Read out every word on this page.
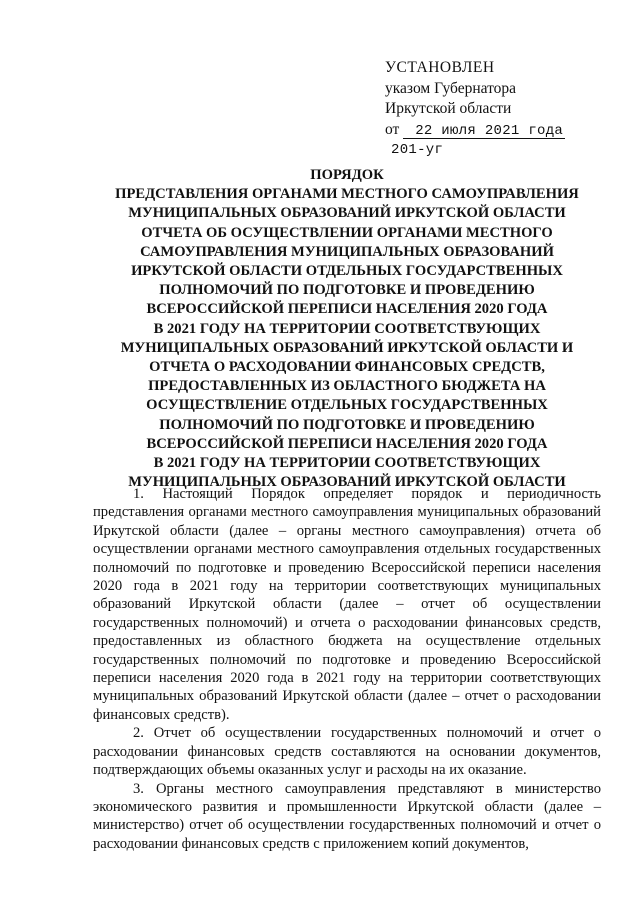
УСТАНОВЛЕН
указом Губернатора
Иркутской области
от 22 июля 2021 года
201-уг
ПОРЯДОК
ПРЕДСТАВЛЕНИЯ ОРГАНАМИ МЕСТНОГО САМОУПРАВЛЕНИЯ
МУНИЦИПАЛЬНЫХ ОБРАЗОВАНИЙ ИРКУТСКОЙ ОБЛАСТИ
ОТЧЕТА ОБ ОСУЩЕСТВЛЕНИИ ОРГАНАМИ МЕСТНОГО
САМОУПРАВЛЕНИЯ МУНИЦИПАЛЬНЫХ ОБРАЗОВАНИЙ
ИРКУТСКОЙ ОБЛАСТИ ОТДЕЛЬНЫХ ГОСУДАРСТВЕННЫХ
ПОЛНОМОЧИЙ ПО ПОДГОТОВКЕ И ПРОВЕДЕНИЮ
ВСЕРОССИЙСКОЙ ПЕРЕПИСИ НАСЕЛЕНИЯ 2020 ГОДА
В 2021 ГОДУ НА ТЕРРИТОРИИ СООТВЕТСТВУЮЩИХ
МУНИЦИПАЛЬНЫХ ОБРАЗОВАНИЙ ИРКУТСКОЙ ОБЛАСТИ И
ОТЧЕТА О РАСХОДОВАНИИ ФИНАНСОВЫХ СРЕДСТВ,
ПРЕДОСТАВЛЕННЫХ ИЗ ОБЛАСТНОГО БЮДЖЕТА НА
ОСУЩЕСТВЛЕНИЕ ОТДЕЛЬНЫХ ГОСУДАРСТВЕННЫХ
ПОЛНОМОЧИЙ ПО ПОДГОТОВКЕ И ПРОВЕДЕНИЮ
ВСЕРОССИЙСКОЙ ПЕРЕПИСИ НАСЕЛЕНИЯ 2020 ГОДА
В 2021 ГОДУ НА ТЕРРИТОРИИ СООТВЕТСТВУЮЩИХ
МУНИЦИПАЛЬНЫХ ОБРАЗОВАНИЙ ИРКУТСКОЙ ОБЛАСТИ

1. Настоящий Порядок определяет порядок и периодичность представления органами местного самоуправления муниципальных образований Иркутской области (далее – органы местного самоуправления) отчета об осуществлении органами местного самоуправления отдельных государственных полномочий по подготовке и проведению Всероссийской переписи населения 2020 года в 2021 году на территории соответствующих муниципальных образований Иркутской области (далее – отчет об осуществлении государственных полномочий) и отчета о расходовании финансовых средств, предоставленных из областного бюджета на осуществление отдельных государственных полномочий по подготовке и проведению Всероссийской переписи населения 2020 года в 2021 году на территории соответствующих муниципальных образований Иркутской области (далее – отчет о расходовании финансовых средств).

2. Отчет об осуществлении государственных полномочий и отчет о расходовании финансовых средств составляются на основании документов, подтверждающих объемы оказанных услуг и расходы на их оказание.

3. Органы местного самоуправления представляют в министерство экономического развития и промышленности Иркутской области (далее – министерство) отчет об осуществлении государственных полномочий и отчет о расходовании финансовых средств с приложением копий документов,
